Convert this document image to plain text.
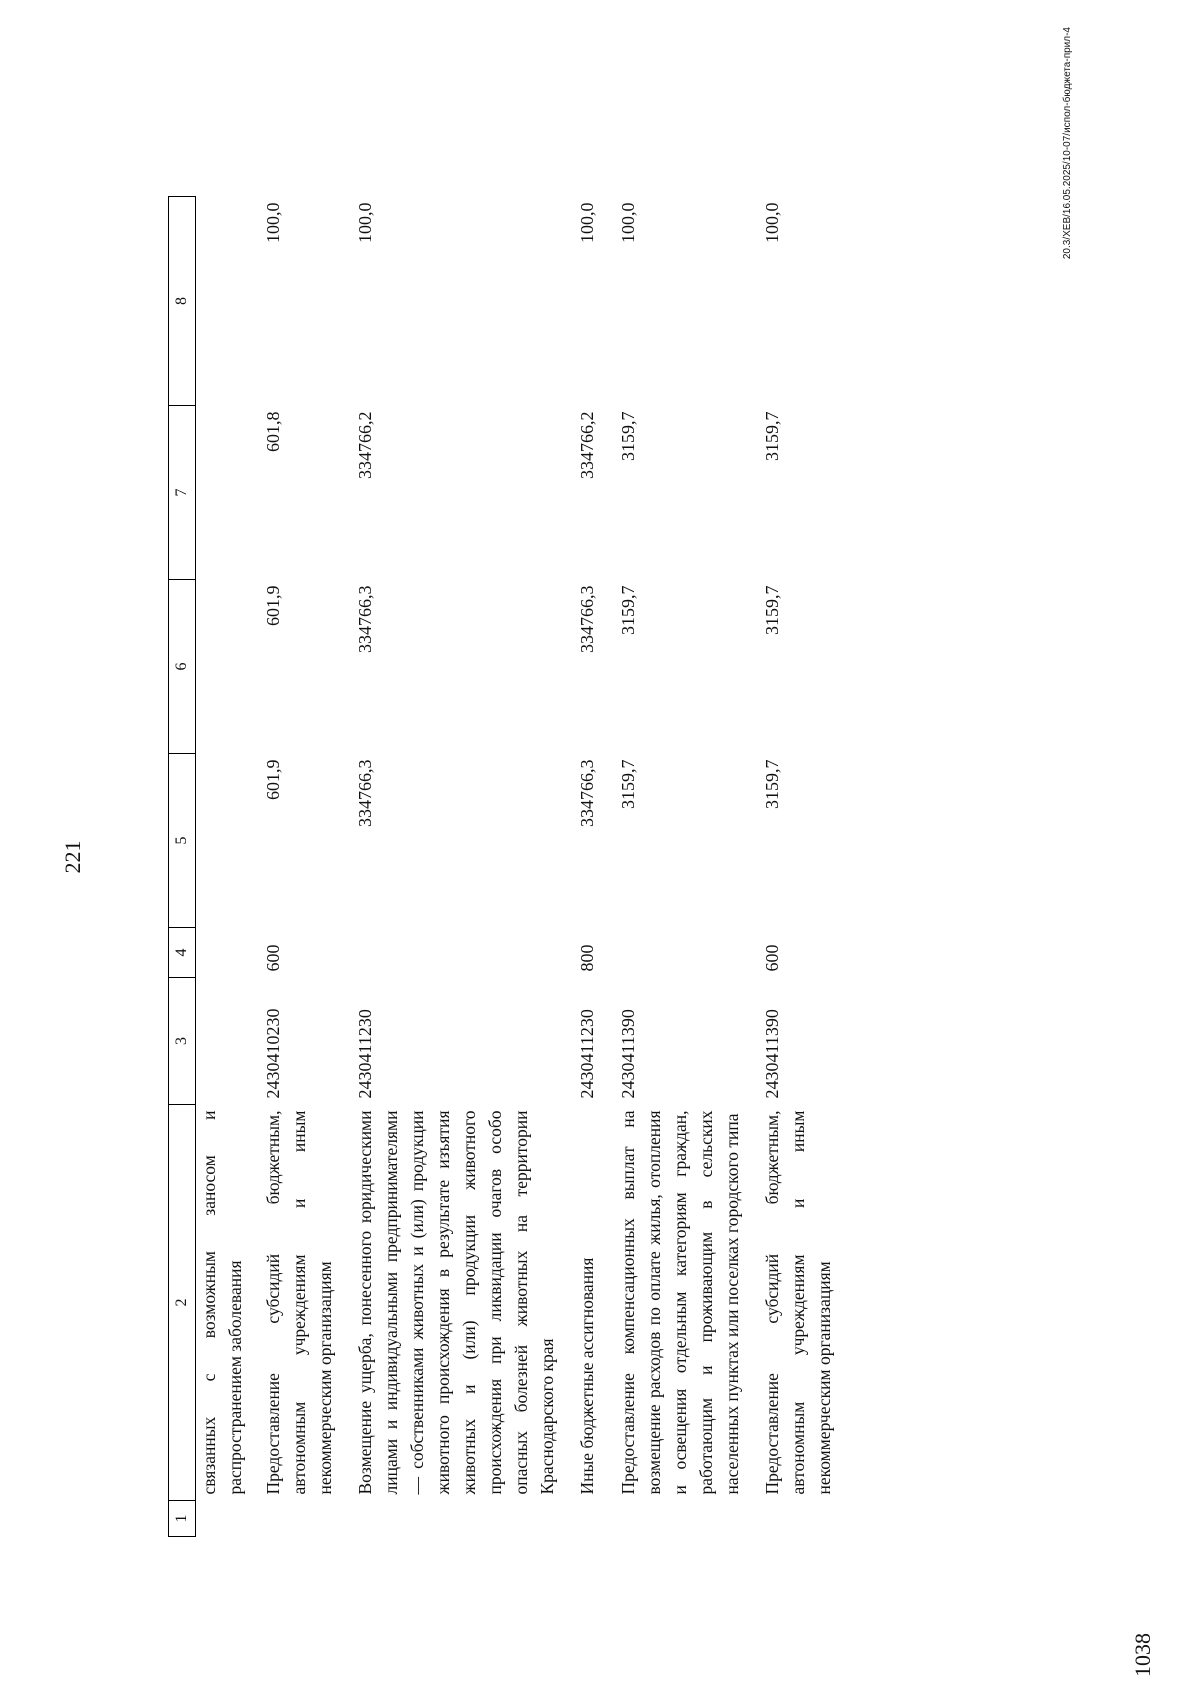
221
1	2	3	4	5	6	7	8
	связанных с возможным заносом и распространением заболевания						
	Предоставление субсидий бюджетным, автономным учреждениям и иным некоммерческим организациям	2430410230	600	601,9	601,9	601,8	100,0
	Возмещение ущерба, понесенного юридическими лицами и индивидуальными предпринимателями — собственниками животных и (или) продукции животного происхождения в результате изъятия животных и (или) продукции животного происхождения при ликвидации очагов особо опасных болезней животных на территории Краснодарского края	2430411230		334766,3	334766,3	334766,2	100,0
	Иные бюджетные ассигнования	2430411230	800	334766,3	334766,3	334766,2	100,0
	Предоставление компенсационных выплат на возмещение расходов по оплате жилья, отопления и освещения отдельным категориям граждан, работающим и проживающим в сельских населенных пунктах или поселках городского типа	2430411390		3159,7	3159,7	3159,7	100,0
	Предоставление субсидий бюджетным, автономным учреждениям и иным некоммерческим организациям	2430411390	600	3159,7	3159,7	3159,7	100,0	20.3/ХЕВ/16.05.2025/10-07/испол-бюджета-прил-4
1038
